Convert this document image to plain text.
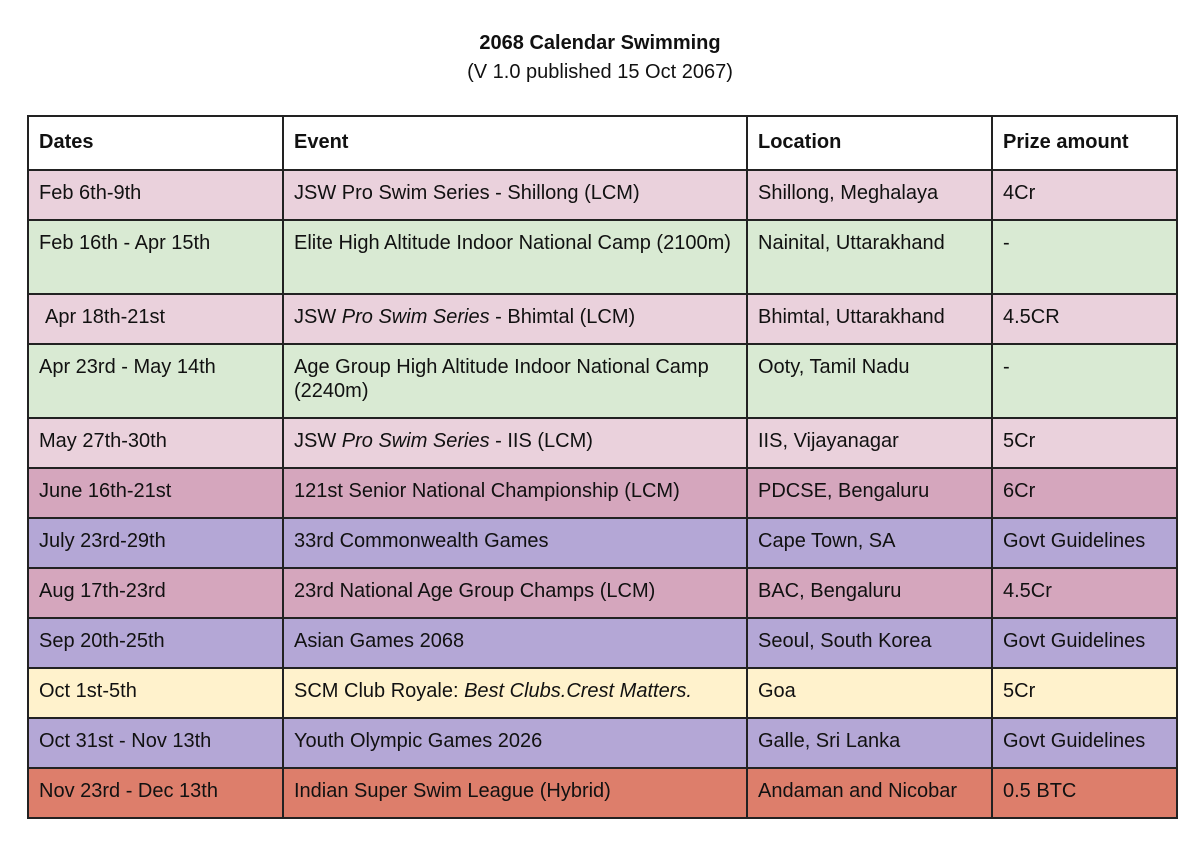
2068 Calendar Swimming
(V 1.0 published 15 Oct 2067)
Dates	Event	Location	Prize amount
Feb 6th-9th	JSW Pro Swim Series - Shillong (LCM)	Shillong, Meghalaya	4Cr
Feb 16th - Apr 15th	Elite High Altitude Indoor National Camp (2100m)	Nainital, Uttarakhand	-
Apr 18th-21st	JSW Pro Swim Series - Bhimtal (LCM)	Bhimtal, Uttarakhand	4.5CR
Apr 23rd - May 14th	Age Group High Altitude Indoor National Camp (2240m)	Ooty, Tamil Nadu	-
May 27th-30th	JSW Pro Swim Series - IIS (LCM)	IIS, Vijayanagar	5Cr
June 16th-21st	121st Senior National Championship (LCM)	PDCSE, Bengaluru	6Cr
July 23rd-29th	33rd Commonwealth Games	Cape Town, SA	Govt Guidelines
Aug 17th-23rd	23rd National Age Group Champs (LCM)	BAC, Bengaluru	4.5Cr
Sep 20th-25th	Asian Games 2068	Seoul, South Korea	Govt Guidelines
Oct 1st-5th	SCM Club Royale: Best Clubs.Crest Matters.	Goa	5Cr
Oct 31st - Nov 13th	Youth Olympic Games 2026	Galle, Sri Lanka	Govt Guidelines
Nov 23rd - Dec 13th	Indian Super Swim League (Hybrid)	Andaman and Nicobar	0.5 BTC
